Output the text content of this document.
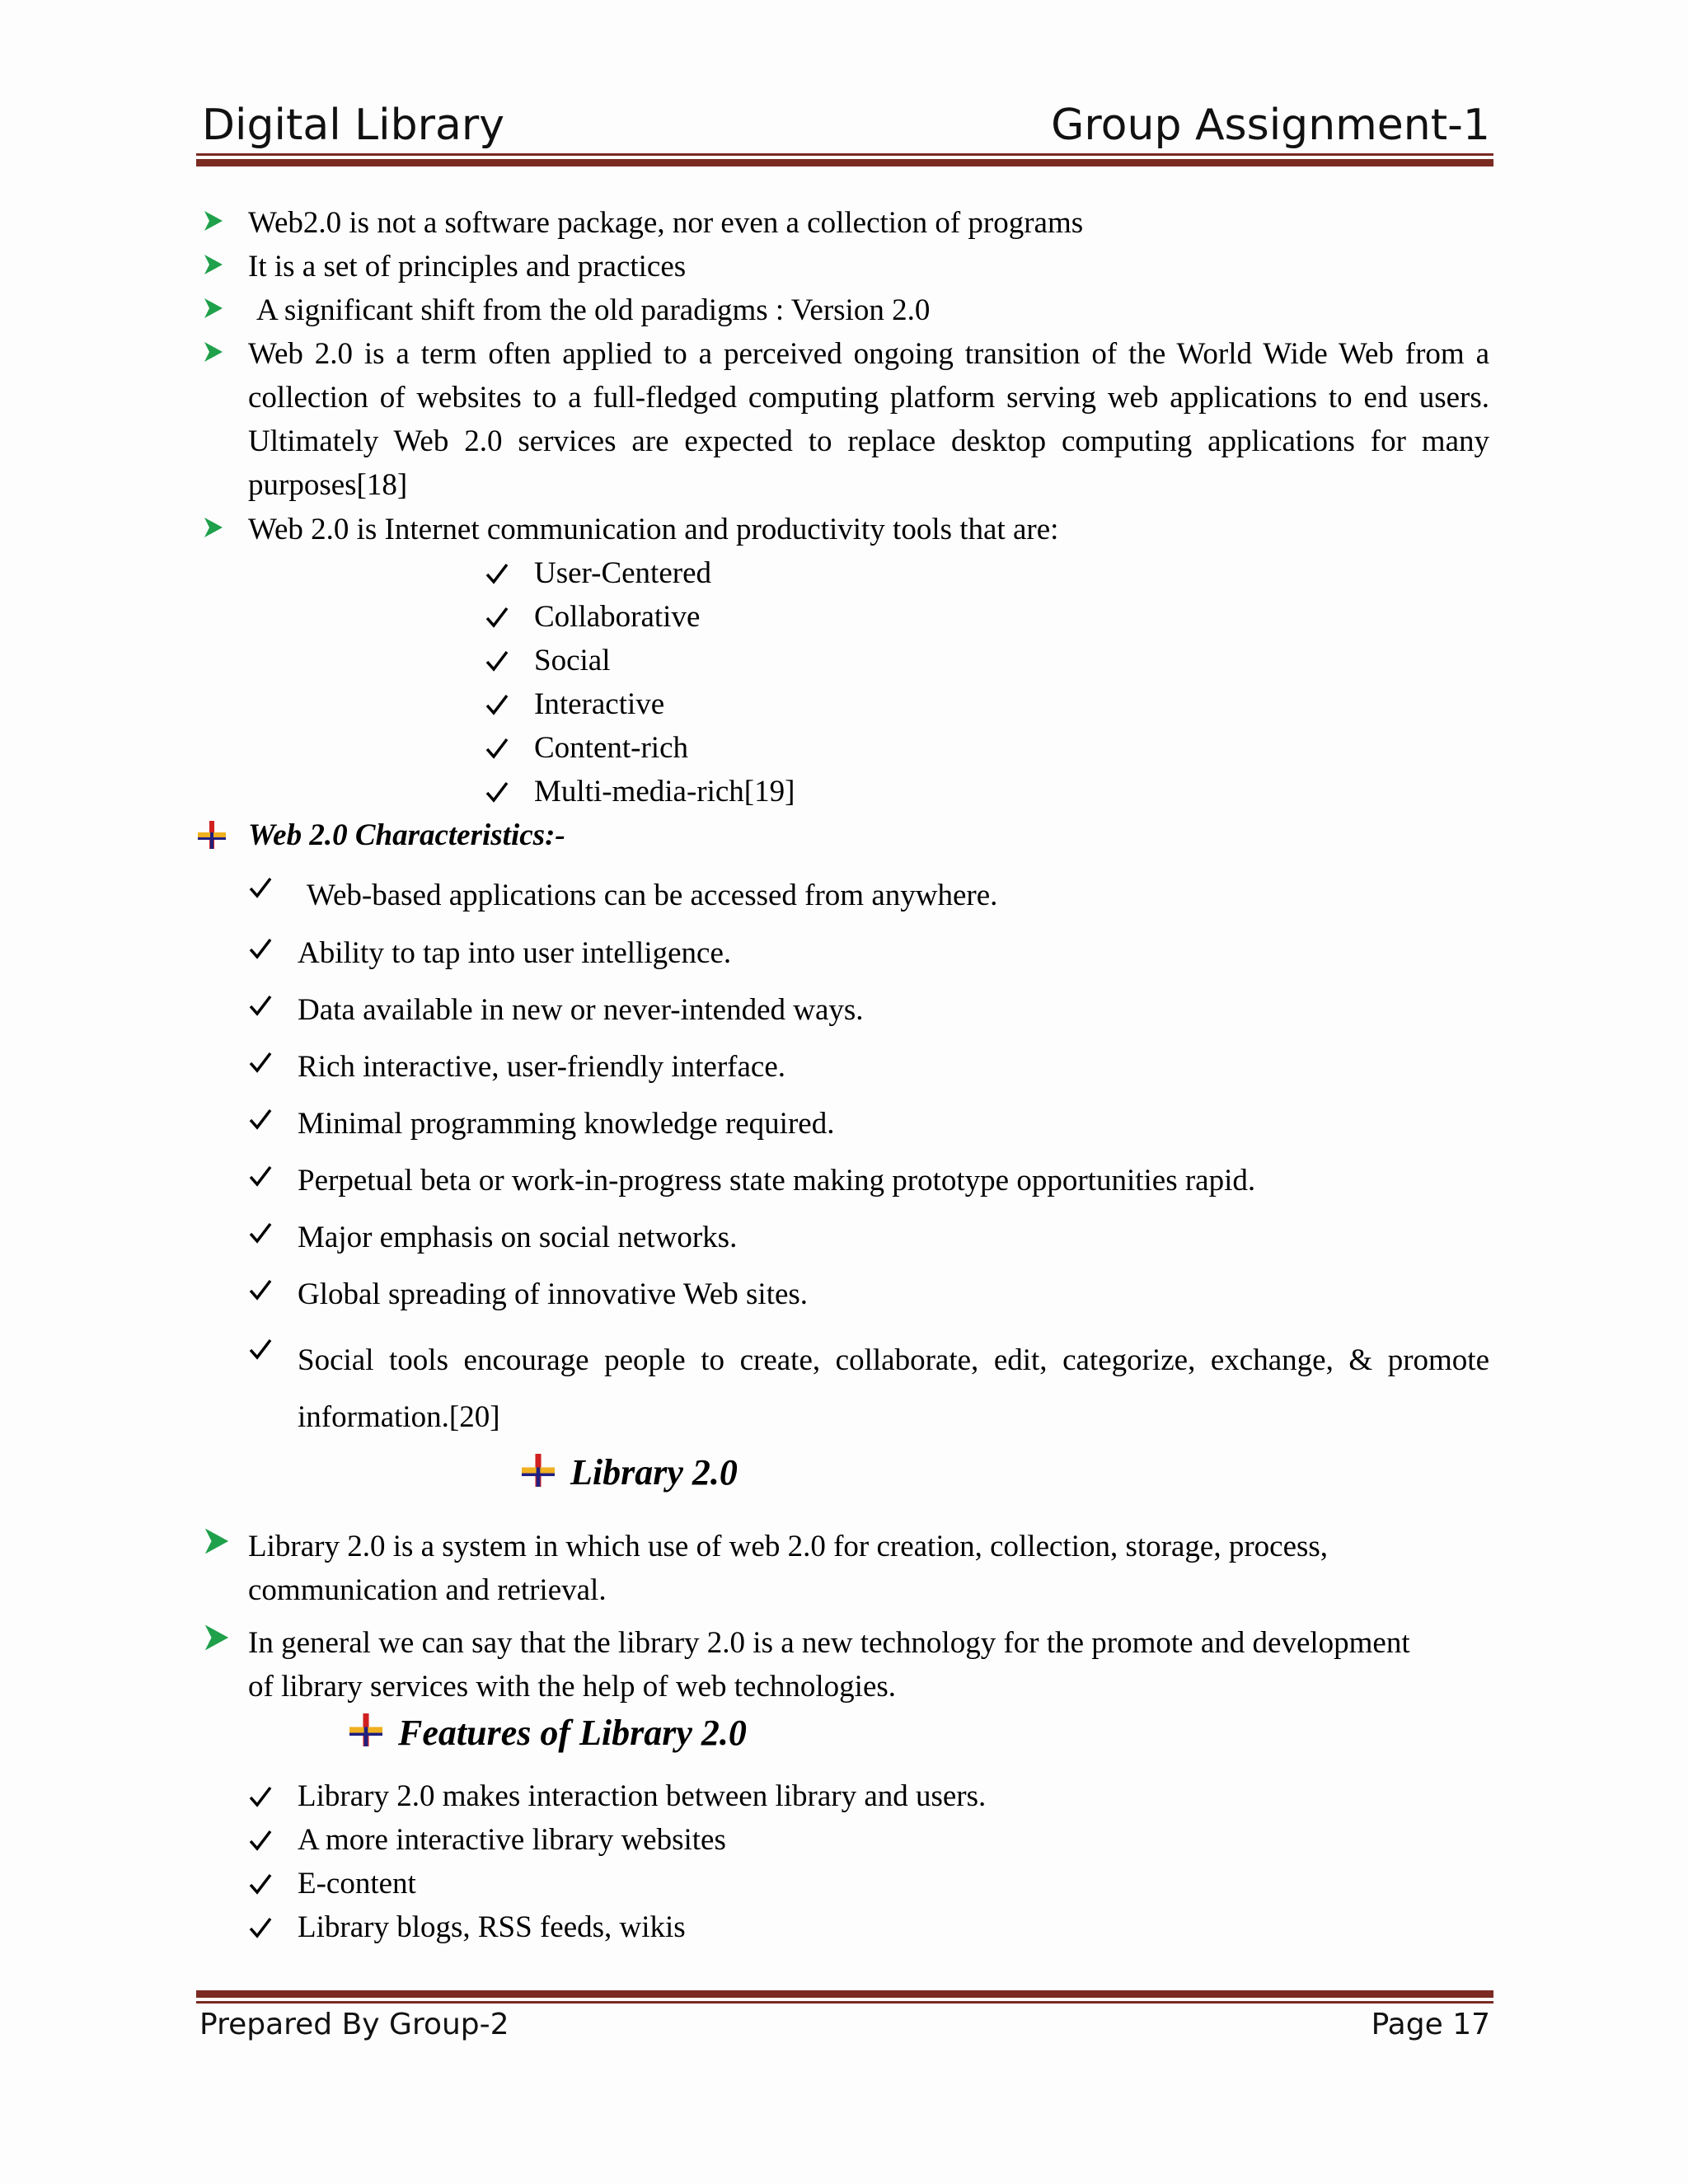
Digital Library	Group Assignment-1
Web2.0 is not a software package, nor even a collection of programs
It is a set of principles and practices
A significant shift from the old paradigms : Version 2.0
Web 2.0 is a term often applied to a perceived ongoing transition of the World Wide Web from a collection of websites to a full-fledged computing platform serving web applications to end users. Ultimately Web 2.0 services are expected to replace desktop computing applications for many purposes[18]
Web 2.0 is Internet communication and productivity tools that are:
User-Centered
Collaborative
Social
Interactive
Content-rich
Multi-media-rich[19]
Web 2.0 Characteristics:-
Web-based applications can be accessed from anywhere.
Ability to tap into user intelligence.
Data available in new or never-intended ways.
Rich interactive, user-friendly interface.
Minimal programming knowledge required.
Perpetual beta or work-in-progress state making prototype opportunities rapid.
Major emphasis on social networks.
Global spreading of innovative Web sites.
Social tools encourage people to create, collaborate, edit, categorize, exchange, & promote information.[20]
Library 2.0
Library 2.0 is a system in which use of web 2.0 for creation, collection, storage, process, communication and retrieval.
In general we can say that the library 2.0 is a new technology for the promote and development of library services with the help of web technologies.
Features of Library 2.0
Library 2.0 makes interaction between library and users.
A more interactive library websites
E-content
Library blogs, RSS feeds, wikis
Prepared By Group-2	Page 17
